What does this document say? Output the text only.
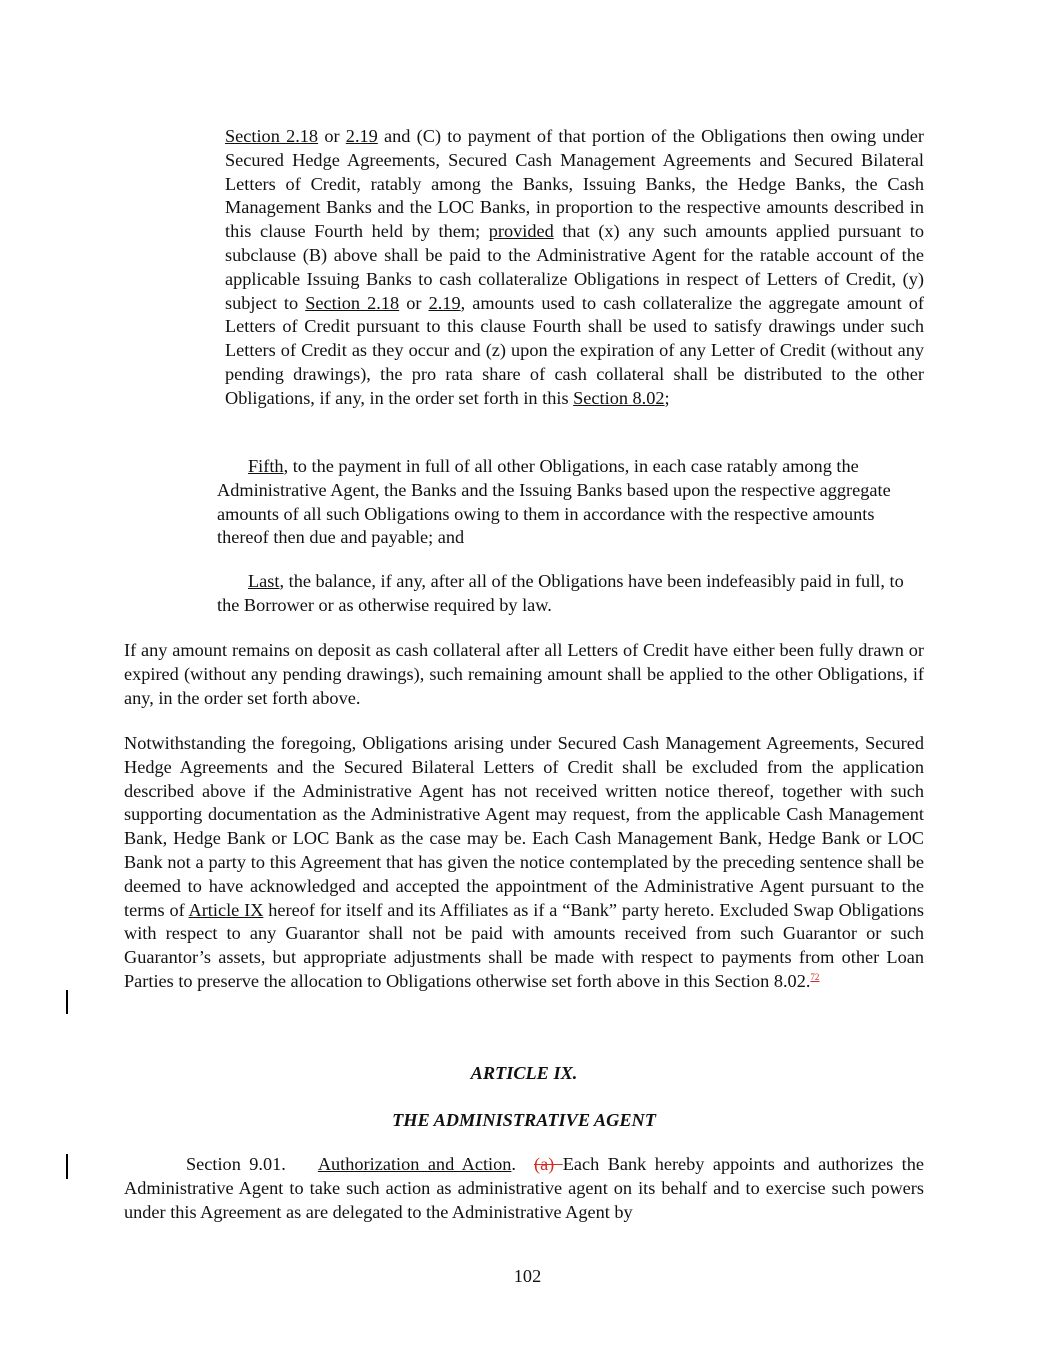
Section 2.18 or 2.19 and (C) to payment of that portion of the Obligations then owing under Secured Hedge Agreements, Secured Cash Management Agreements and Secured Bilateral Letters of Credit, ratably among the Banks, Issuing Banks, the Hedge Banks, the Cash Management Banks and the LOC Banks, in proportion to the respective amounts described in this clause Fourth held by them; provided that (x) any such amounts applied pursuant to subclause (B) above shall be paid to the Administrative Agent for the ratable account of the applicable Issuing Banks to cash collateralize Obligations in respect of Letters of Credit, (y) subject to Section 2.18 or 2.19, amounts used to cash collateralize the aggregate amount of Letters of Credit pursuant to this clause Fourth shall be used to satisfy drawings under such Letters of Credit as they occur and (z) upon the expiration of any Letter of Credit (without any pending drawings), the pro rata share of cash collateral shall be distributed to the other Obligations, if any, in the order set forth in this Section 8.02;

Fifth, to the payment in full of all other Obligations, in each case ratably among the Administrative Agent, the Banks and the Issuing Banks based upon the respective aggregate amounts of all such Obligations owing to them in accordance with the respective amounts thereof then due and payable; and

Last, the balance, if any, after all of the Obligations have been indefeasibly paid in full, to the Borrower or as otherwise required by law.

If any amount remains on deposit as cash collateral after all Letters of Credit have either been fully drawn or expired (without any pending drawings), such remaining amount shall be applied to the other Obligations, if any, in the order set forth above.

Notwithstanding the foregoing, Obligations arising under Secured Cash Management Agreements, Secured Hedge Agreements and the Secured Bilateral Letters of Credit shall be excluded from the application described above if the Administrative Agent has not received written notice thereof, together with such supporting documentation as the Administrative Agent may request, from the applicable Cash Management Bank, Hedge Bank or LOC Bank as the case may be. Each Cash Management Bank, Hedge Bank or LOC Bank not a party to this Agreement that has given the notice contemplated by the preceding sentence shall be deemed to have acknowledged and accepted the appointment of the Administrative Agent pursuant to the terms of Article IX hereof for itself and its Affiliates as if a “Bank” party hereto. Excluded Swap Obligations with respect to any Guarantor shall not be paid with amounts received from such Guarantor or such Guarantor’s assets, but appropriate adjustments shall be made with respect to payments from other Loan Parties to preserve the allocation to Obligations otherwise set forth above in this Section 8.02.72

ARTICLE IX.

THE ADMINISTRATIVE AGENT

Section 9.01. Authorization and Action. (a) Each Bank hereby appoints and authorizes the Administrative Agent to take such action as administrative agent on its behalf and to exercise such powers under this Agreement as are delegated to the Administrative Agent by

102
